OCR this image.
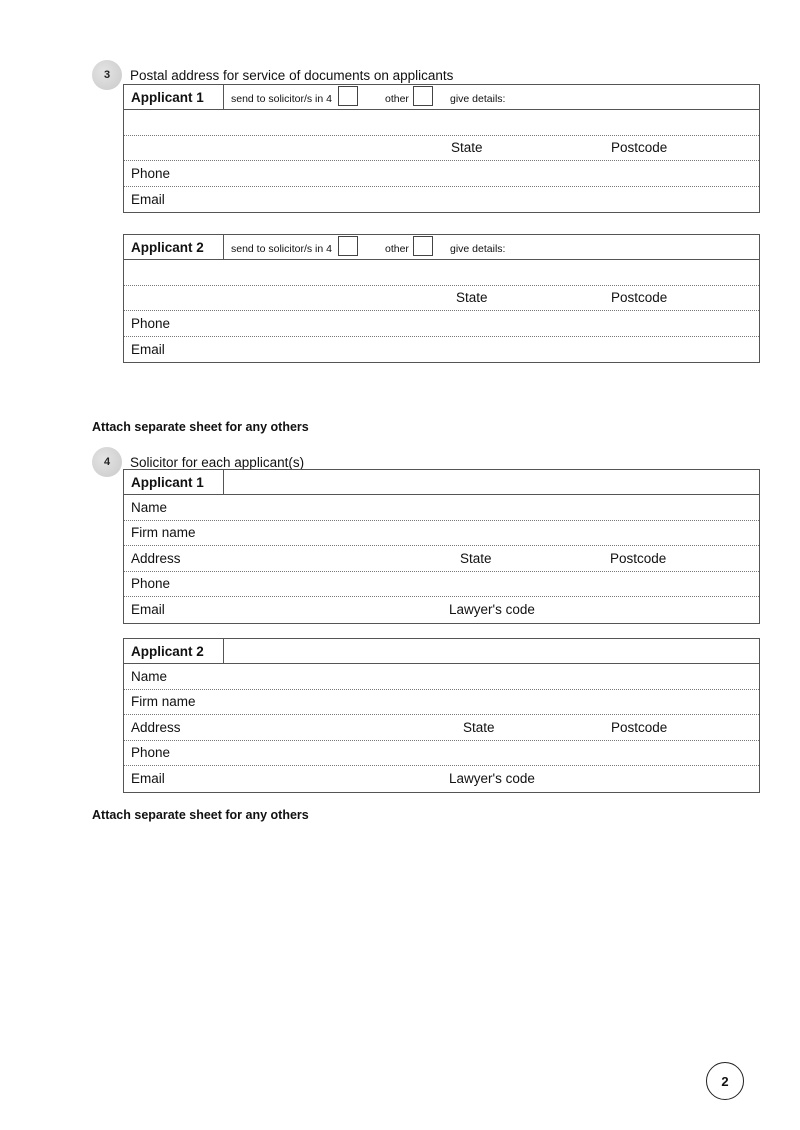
3	Postal address for service of documents on applicants
Applicant 1	send to solicitor/s in 4	other	give details:
State	Postcode
Phone
Email
Applicant 2	send to solicitor/s in 4	other	give details:
State	Postcode
Phone
Email
Attach separate sheet for any others
4	Solicitor for each applicant(s)
Applicant 1
Name
Firm name
Address	State	Postcode
Phone
Email	Lawyer's code
Applicant 2
Name
Firm name
Address	State	Postcode
Phone
Email	Lawyer's code
Attach separate sheet for any others
2
